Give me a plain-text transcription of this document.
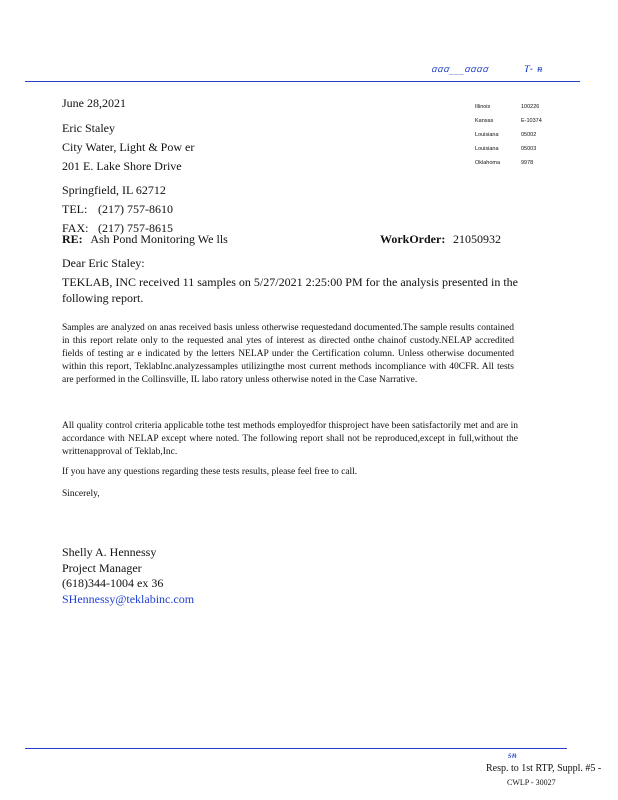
ꭤꭤꭤ___ꭤꭤꭤꭤ	Ⲧ- ᵰ
Illinois	100226
Kansas	E-10374
Louisiana	05002
Louisiana	05003
Oklahoma	9978
June 28,2021
Eric Staley
City Water, Light & Pow er
201 E. Lake Shore Drive
Springfield, IL 62712
TEL: (217) 757-8610
FAX: (217) 757-8615
RE: Ash Pond Monitoring We lls	WorkOrder: 21050932
Dear Eric Staley:
TEKLAB, INC received 11 samples on 5/27/2021 2:25:00 PM for the analysis presented in the following report.
Samples are analyzed on anas received basis unless otherwise requestedand documented.The sample results contained in this report relate only to the requested anal ytes of interest as directed onthe chainof custody.NELAP accredited fields of testing ar e indicated by the letters NELAP under the Certification column. Unless otherwise documented within this report, TeklabInc.analyzessamples utilizingthe most current methods incompliance with 40CFR. All tests are performed in the Collinsville, IL labo ratory unless otherwise noted in the Case Narrative.
All quality control criteria applicable tothe test methods employedfor thisproject have been satisfactorily met and are in accordance with NELAP except where noted. The following report shall not be reproduced,except in full,without the writtenapproval of Teklab,Inc.
If you have any questions regarding these tests results, please feel free to call.
Sincerely,
Shelly A. Hennessy
Project Manager
(618)344-1004 ex 36
SHennessy@teklabinc.com
ᵴᵰ
Resp. to 1st RTP, Suppl. #5 -
CWLP - 30027
